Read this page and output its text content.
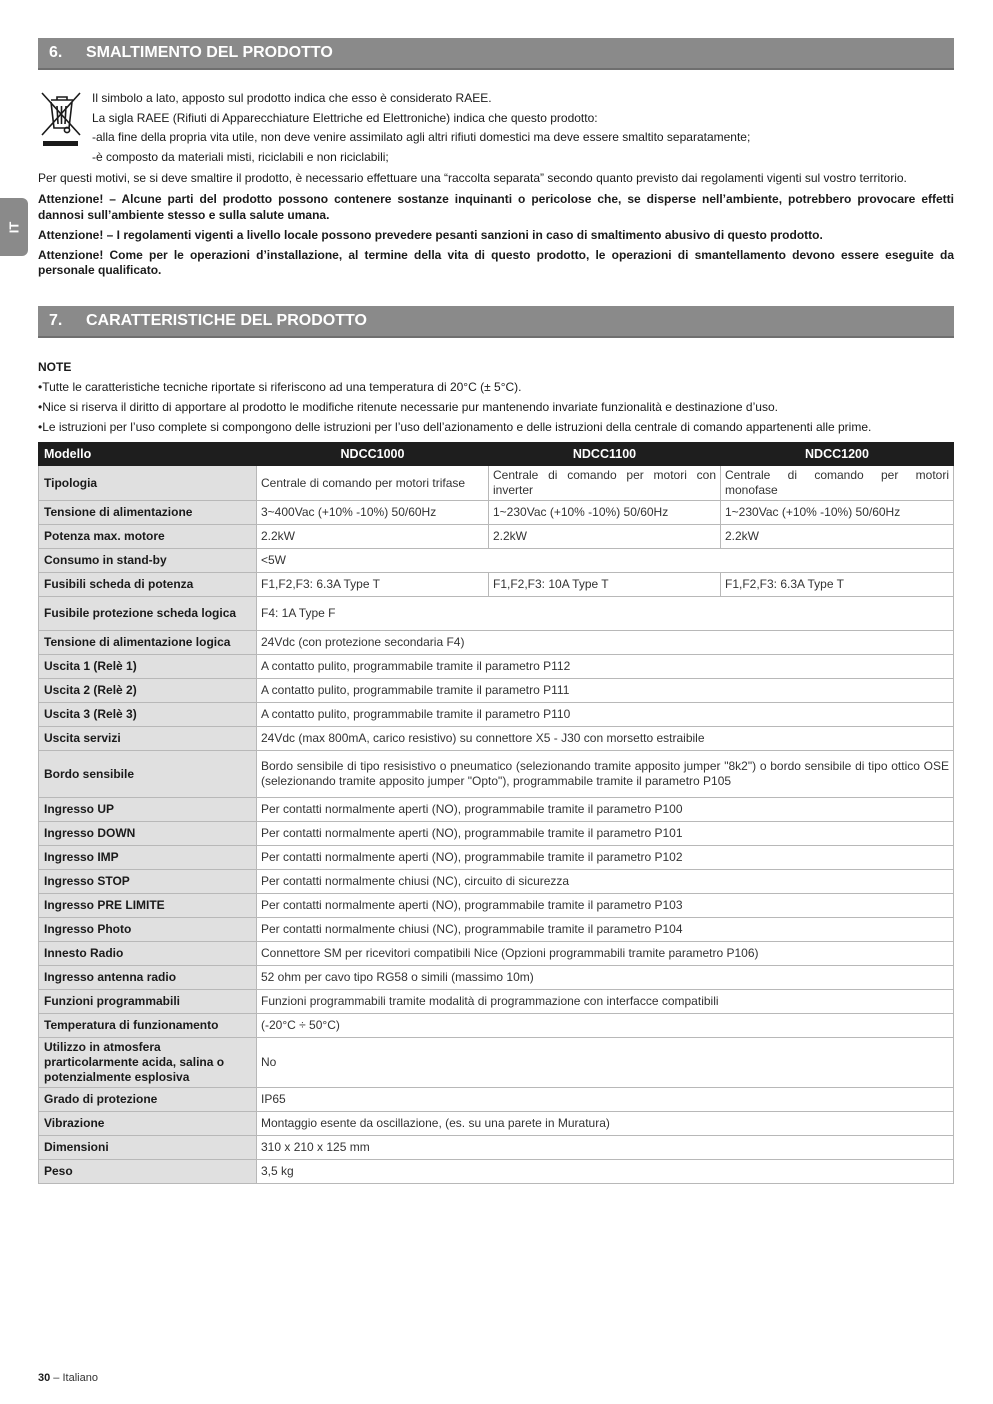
IT
6.	SMALTIMENTO DEL PRODOTTO

Il simbolo a lato, apposto sul prodotto indica che esso è considerato RAEE.

La sigla RAEE (Rifiuti di Apparecchiature Elettriche ed Elettroniche) indica che questo prodotto:

-alla fine della propria vita utile, non deve venire assimilato agli altri rifiuti domestici ma deve essere smaltito separatamente;

-è composto da materiali misti, riciclabili e non riciclabili;

Per questi motivi, se si deve smaltire il prodotto, è necessario effettuare una “raccolta separata” secondo quanto previsto dai regolamenti vigenti sul vostro territorio.

Attenzione! – Alcune parti del prodotto possono contenere sostanze inquinanti o pericolose che, se disperse nell’ambiente, potrebbero provocare effetti dannosi sull’ambiente stesso e sulla salute umana.

Attenzione! – I regolamenti vigenti a livello locale possono prevedere pesanti sanzioni in caso di smaltimento abusivo di questo prodotto.

Attenzione! Come per le operazioni d’installazione, al termine della vita di questo prodotto, le operazioni di smantellamento devono essere eseguite da personale qualificato.

7.	CARATTERISTICHE DEL PRODOTTO
NOTE
• Tutte le caratteristiche tecniche riportate si riferiscono ad una temperatura di 20°C (± 5°C).
• Nice si riserva il diritto di apportare al prodotto le modifiche ritenute necessarie pur mantenendo invariate funzionalità e destinazione d’uso.
• Le istruzioni per l’uso complete si compongono delle istruzioni per l’uso dell’azionamento e delle istruzioni della centrale di comando appartenenti alle prime.
Modello	NDCC1000	NDCC1100	NDCC1200
Tipologia	Centrale di comando per motori trifase	Centrale di comando per motori con inverter	Centrale di comando per motori monofase
Tensione di alimentazione	3~400Vac (+10% -10%) 50/60Hz	1~230Vac (+10% -10%) 50/60Hz	1~230Vac (+10% -10%) 50/60Hz
Potenza max. motore	2.2kW	2.2kW	2.2kW
Consumo in stand-by	<5W		
Fusibili scheda di potenza	F1,F2,F3: 6.3A Type T	F1,F2,F3: 10A Type T	F1,F2,F3: 6.3A Type T
Fusibile protezione scheda logica	F4: 1A Type F		
Tensione di alimentazione logica	24Vdc (con protezione secondaria F4)		
Uscita 1 (Relè 1)	A contatto pulito, programmabile tramite il parametro P112		
Uscita 2 (Relè 2)	A contatto pulito, programmabile tramite il parametro P111		
Uscita 3 (Relè 3)	A contatto pulito, programmabile tramite il parametro P110		
Uscita servizi	24Vdc (max 800mA, carico resistivo) su connettore X5 - J30 con morsetto estraibile		
Bordo sensibile	Bordo sensibile di tipo resisistivo o pneumatico (selezionando tramite apposito jumper "8k2") o bordo sensibile di tipo ottico OSE (selezionando tramite apposito jumper "Opto"), programmabile tramite il parametro P105		
Ingresso UP	Per contatti normalmente aperti (NO), programmabile tramite il parametro P100		
Ingresso DOWN	Per contatti normalmente aperti (NO), programmabile tramite il parametro P101		
Ingresso IMP	Per contatti normalmente aperti (NO), programmabile tramite il parametro P102		
Ingresso STOP	Per contatti normalmente chiusi (NC), circuito di sicurezza		
Ingresso PRE LIMITE	Per contatti normalmente aperti (NO), programmabile tramite il parametro P103		
Ingresso Photo	Per contatti normalmente chiusi (NC), programmabile tramite il parametro P104		
Innesto Radio	Connettore SM per ricevitori compatibili Nice (Opzioni programmabili tramite parametro P106)		
Ingresso antenna radio	52 ohm per cavo tipo RG58 o simili (massimo 10m)		
Funzioni programmabili	Funzioni programmabili tramite modalità di programmazione con interfacce compatibili		
Temperatura di funzionamento	(-20°C ÷ 50°C)		
Utilizzo in atmosfera prarticolarmente acida, salina o potenzialmente esplosiva	No		
Grado di protezione	IP65		
Vibrazione	Montaggio esente da oscillazione, (es. su una parete in Muratura)		
Dimensioni	310 x 210 x 125 mm		
Peso	3,5 kg		
30 – Italiano
